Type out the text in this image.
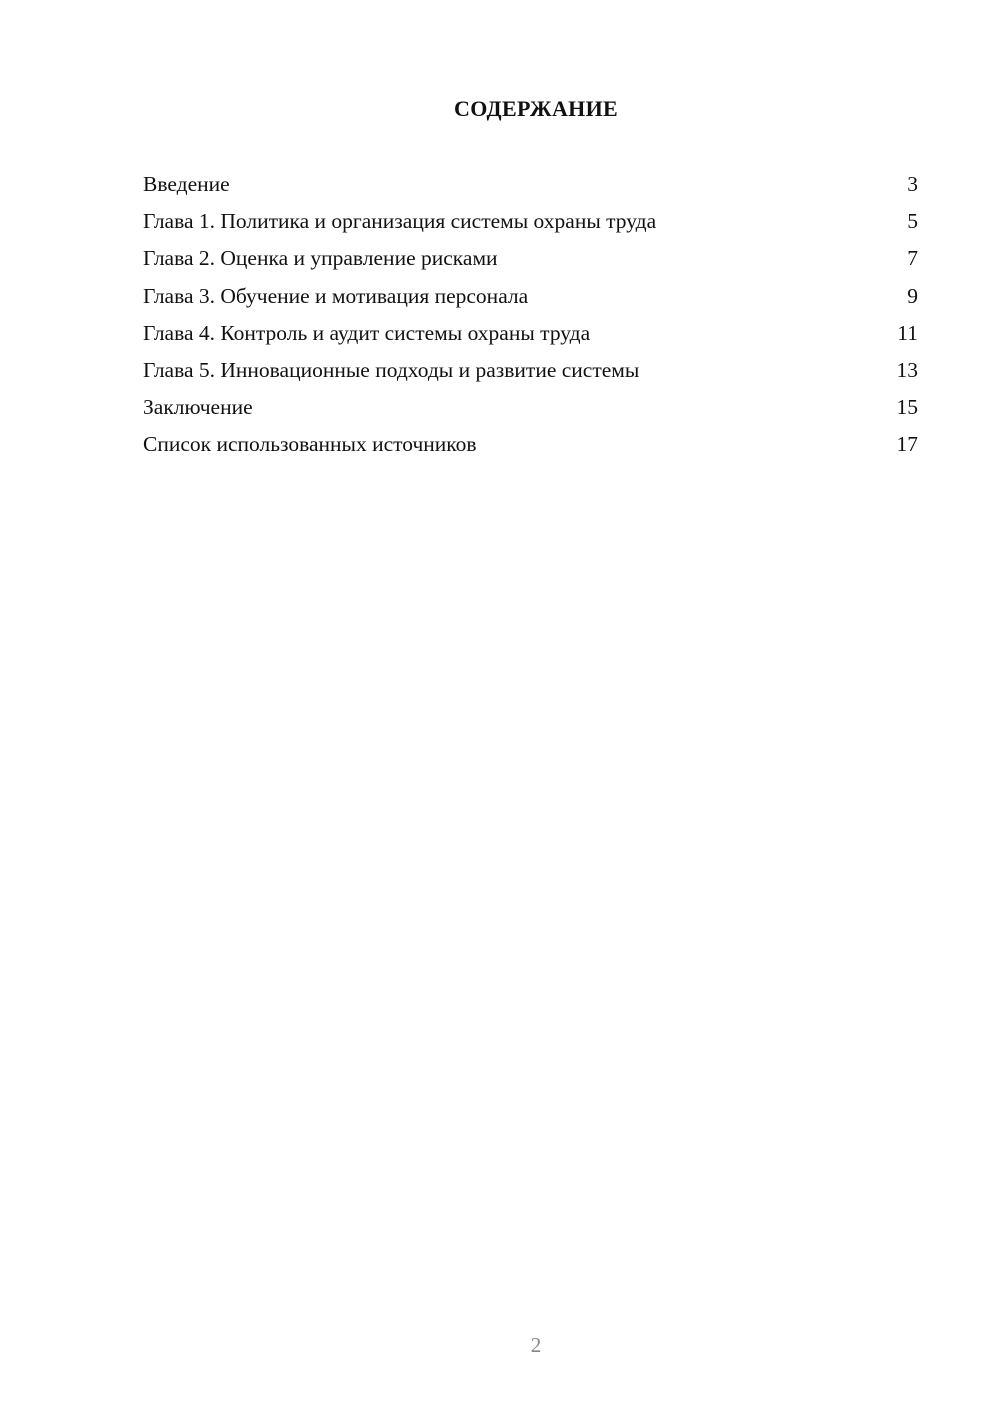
СОДЕРЖАНИЕ
Введение	3
Глава 1. Политика и организация системы охраны труда	5
Глава 2. Оценка и управление рисками	7
Глава 3. Обучение и мотивация персонала	9
Глава 4. Контроль и аудит системы охраны труда	11
Глава 5. Инновационные подходы и развитие системы	13
Заключение	15
Список использованных источников	17
2
